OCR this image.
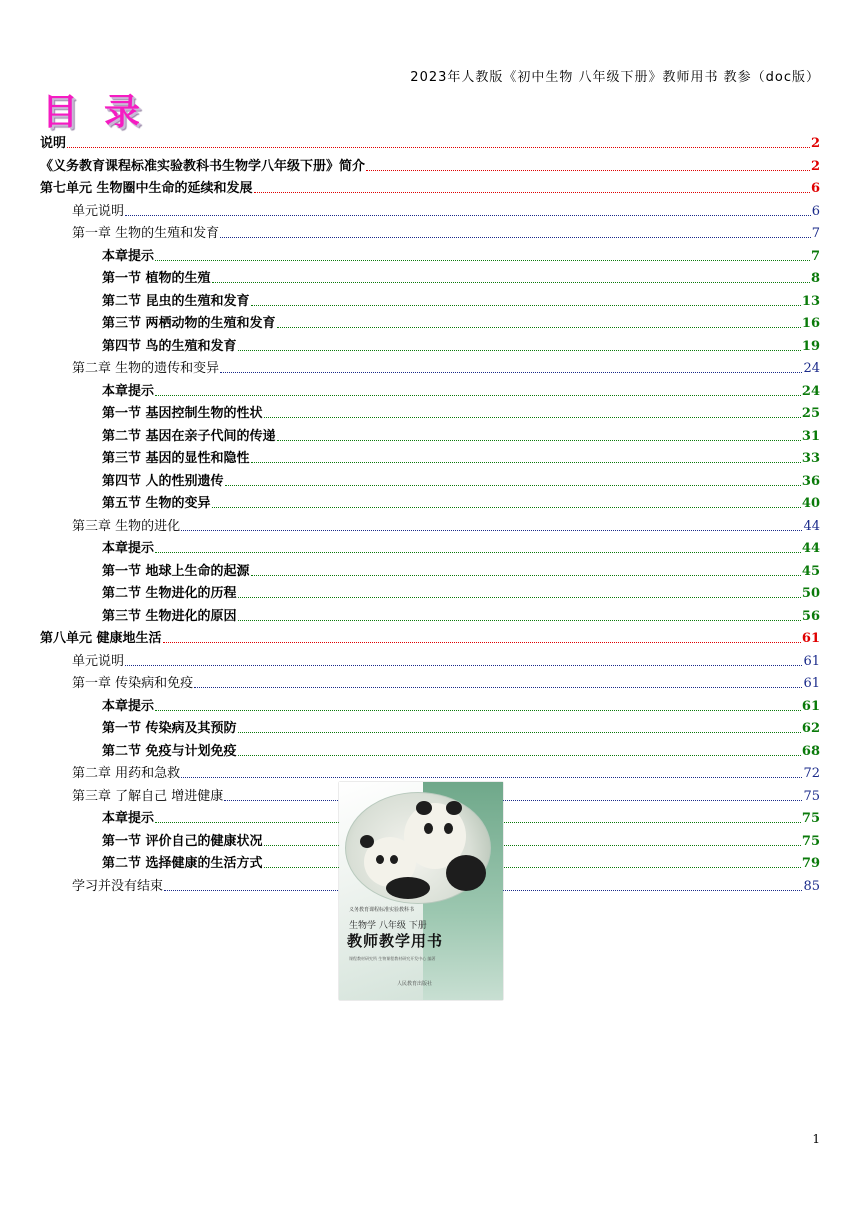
2023年人教版《初中生物 八年级下册》教师用书 教参（doc版）
目录
说明	2
《义务教育课程标准实验教科书生物学八年级下册》简介	2
第七单元 生物圈中生命的延续和发展	6
单元说明	6
第一章 生物的生殖和发育	7
本章提示	7
第一节 植物的生殖	8
第二节 昆虫的生殖和发育	13
第三节 两栖动物的生殖和发育	16
第四节 鸟的生殖和发育	19
第二章 生物的遗传和变异	24
本章提示	24
第一节 基因控制生物的性状	25
第二节 基因在亲子代间的传递	31
第三节 基因的显性和隐性	33
第四节 人的性别遗传	36
第五节 生物的变异	40
第三章 生物的进化	44
本章提示	44
第一节 地球上生命的起源	45
第二节 生物进化的历程	50
第三节 生物进化的原因	56
第八单元 健康地生活	61
单元说明	61
第一章 传染病和免疫	61
本章提示	61
第一节 传染病及其预防	62
第二节 免疫与计划免疫	68
第二章 用药和急救	72
第三章 了解自己 增进健康	75
本章提示	75
第一节 评价自己的健康状况	75
第二节 选择健康的生活方式	79
学习并没有结束	85
义务教育课程标准实验教科书
生物学 八年级 下册
教师教学用书
课程教材研究所 生物课程教材研究开发中心 编著
人民教育出版社
1
